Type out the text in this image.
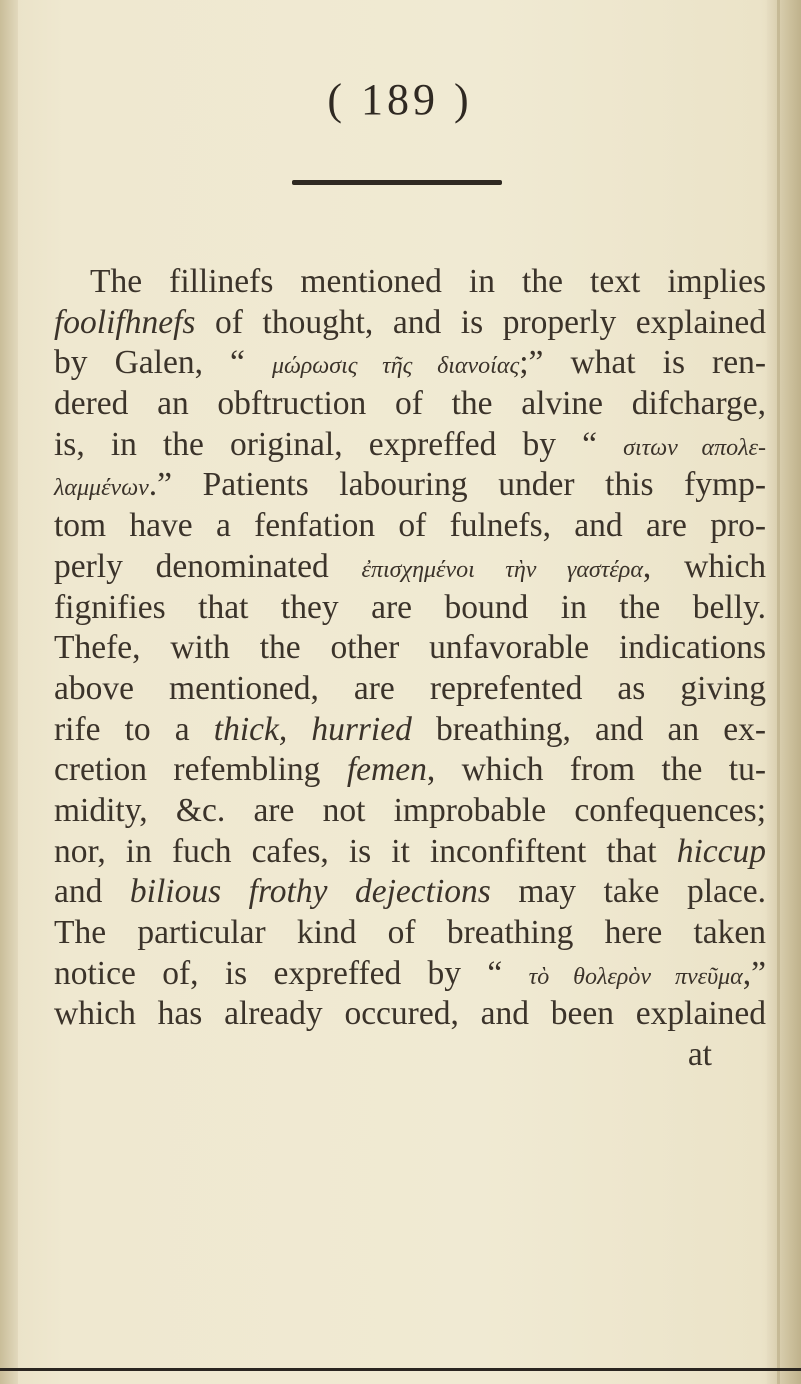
( 189 )
The fillinefs mentioned in the text implies
foolifhnefs of thought, and is properly explained
by Galen, “ μώρωσις τῆς διανοίας;” what is ren-
dered an obftruction of the alvine difcharge,
is, in the original, expreffed by “ σιτων απολε-
λαμμένων.” Patients labouring under this fymp-
tom have a fenfation of fulnefs, and are pro-
perly denominated ἐπισχημένοι τὴν γαστέρα, which
fignifies that they are bound in the belly.
Thefe, with the other unfavorable indications
above mentioned, are reprefented as giving
rife to a thick, hurried breathing, and an ex-
cretion refembling femen, which from the tu-
midity, &c. are not improbable confequences;
nor, in fuch cafes, is it inconfiftent that hiccup
and bilious frothy dejections may take place.
The particular kind of breathing here taken
notice of, is expreffed by “ τὸ θολερὸν πνεῦμα,”
which has already occured, and been explained
at
